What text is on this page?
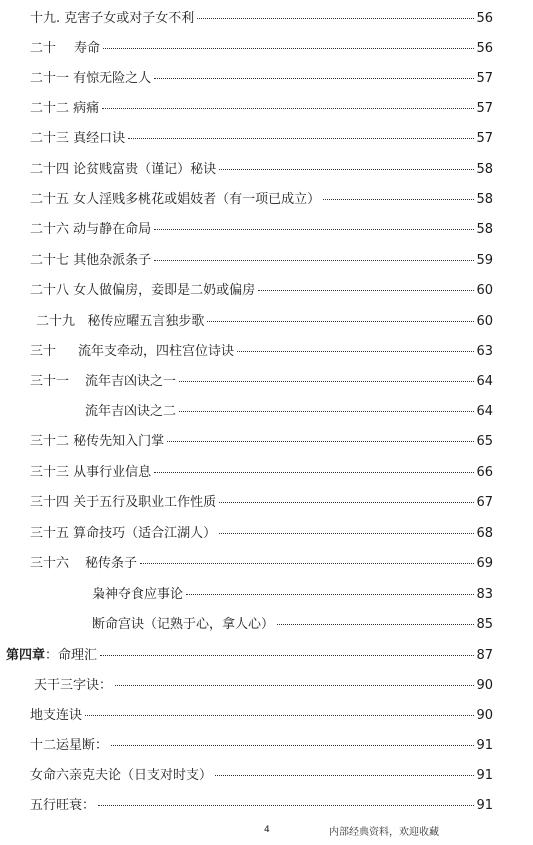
十九. 克害子女或对子女不利	56
二十 寿命	56
二十一 有惊无险之人	57
二十二 病痛	57
二十三 真经口诀	57
二十四 论贫贱富贵（谨记）秘诀	58
二十五 女人淫贱多桃花或娼妓者（有一项已成立）	58
二十六 动与静在命局	58
二十七 其他杂派条子	59
二十八 女人做偏房，妾即是二奶或偏房	60
二十九 秘传应曜五言独步歌	60
三十 流年支牵动，四柱宫位诗诀	63
三十一 流年吉凶诀之一	64
流年吉凶诀之二	64
三十二 秘传先知入门掌	65
三十三 从事行业信息	66
三十四 关于五行及职业工作性质	67
三十五 算命技巧（适合江湖人）	68
三十六 秘传条子	69
枭神夺食应事论	83
断命宫诀（记熟于心，拿人心）	85
第四章：命理汇	87
天干三字诀：	90
地支连诀	90
十二运星断：	91
女命六亲克夫论（日支对时支）	91
五行旺衰：	91
4	内部经典资料，欢迎收藏
